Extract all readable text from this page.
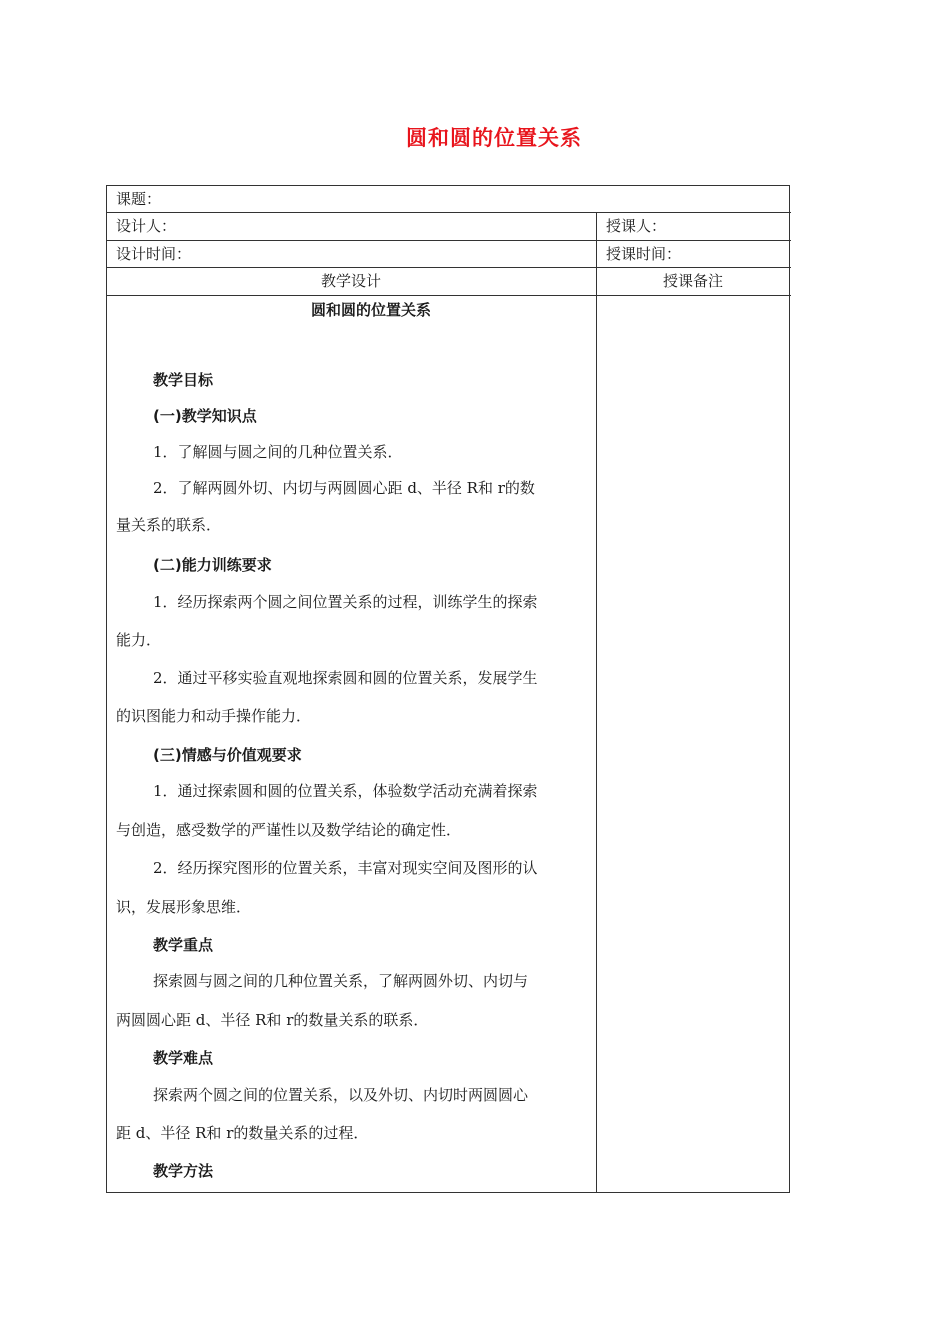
圆和圆的位置关系
课题：
设计人：	授课人：
设计时间：	授课时间：
教学设计	授课备注
圆和圆的位置关系
教学目标
(一)教学知识点
1．了解圆与圆之间的几种位置关系．
2．了解两圆外切、内切与两圆圆心距 d、半径 R和 r的数
量关系的联系．
(二)能力训练要求
1．经历探索两个圆之间位置关系的过程，训练学生的探索
能力．
2．通过平移实验直观地探索圆和圆的位置关系，发展学生
的识图能力和动手操作能力．
(三)情感与价值观要求
1．通过探索圆和圆的位置关系，体验数学活动充满着探索
与创造，感受数学的严谨性以及数学结论的确定性．
2．经历探究图形的位置关系，丰富对现实空间及图形的认
识，发展形象思维．
教学重点
探索圆与圆之间的几种位置关系，了解两圆外切、内切与
两圆圆心距 d、半径 R和 r的数量关系的联系．
教学难点
探索两个圆之间的位置关系，以及外切、内切时两圆圆心
距 d、半径 R和 r的数量关系的过程．
教学方法
